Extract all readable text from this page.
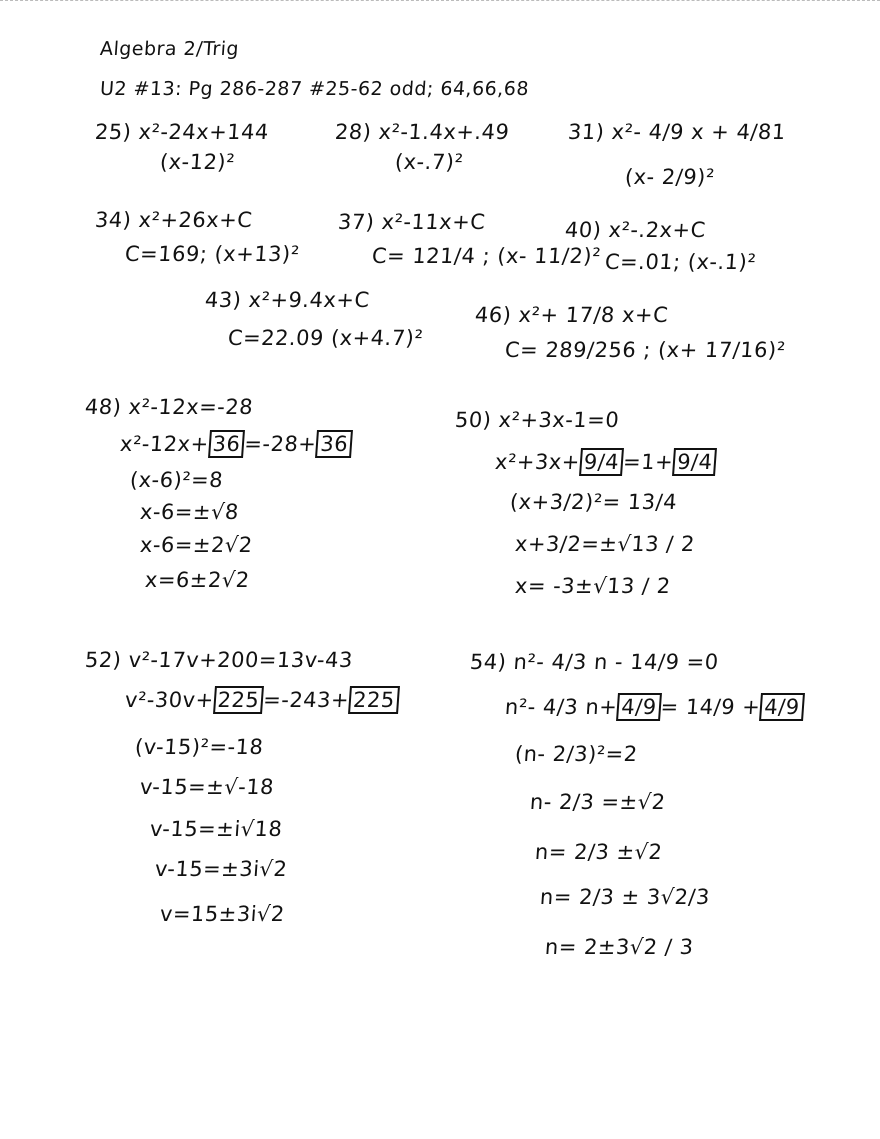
Algebra 2/Trig
U2 #13: Pg 286-287 #25-62 odd; 64,66,68
25) x²-24x+144
(x-12)²
28) x²-1.4x+.49
(x-.7)²
31) x²- 4/9 x + 4/81
(x- 2/9)²
34) x²+26x+C
C=169; (x+13)²
37) x²-11x+C
C= 121/4 ; (x- 11/2)²
40) x²-.2x+C
C=.01; (x-.1)²
43) x²+9.4x+C
C=22.09 (x+4.7)²
46) x²+ 17/8 x+C
C= 289/256 ; (x+ 17/16)²
48) x²-12x=-28
x²-12x+ 36 =-28+ 36
(x-6)²=8
x-6=±√8
x-6=±2√2
x=6±2√2
50) x²+3x-1=0
x²+3x+ 9/4 =1+ 9/4
(x+3/2)²= 13/4
x+3/2=±√13 / 2
x= -3±√13 / 2
52) v²-17v+200=13v-43
v²-30v+ 225 =-243+ 225
(v-15)²=-18
v-15=±√-18
v-15=±i√18
v-15=±3i√2
v=15±3i√2
54) n²- 4/3 n - 14/9 =0
n²- 4/3 n+ 4/9 = 14/9 + 4/9
(n- 2/3)²=2
n- 2/3 =±√2
n= 2/3 ±√2
n= 2/3 ± 3√2/3
n= 2±3√2 / 3
